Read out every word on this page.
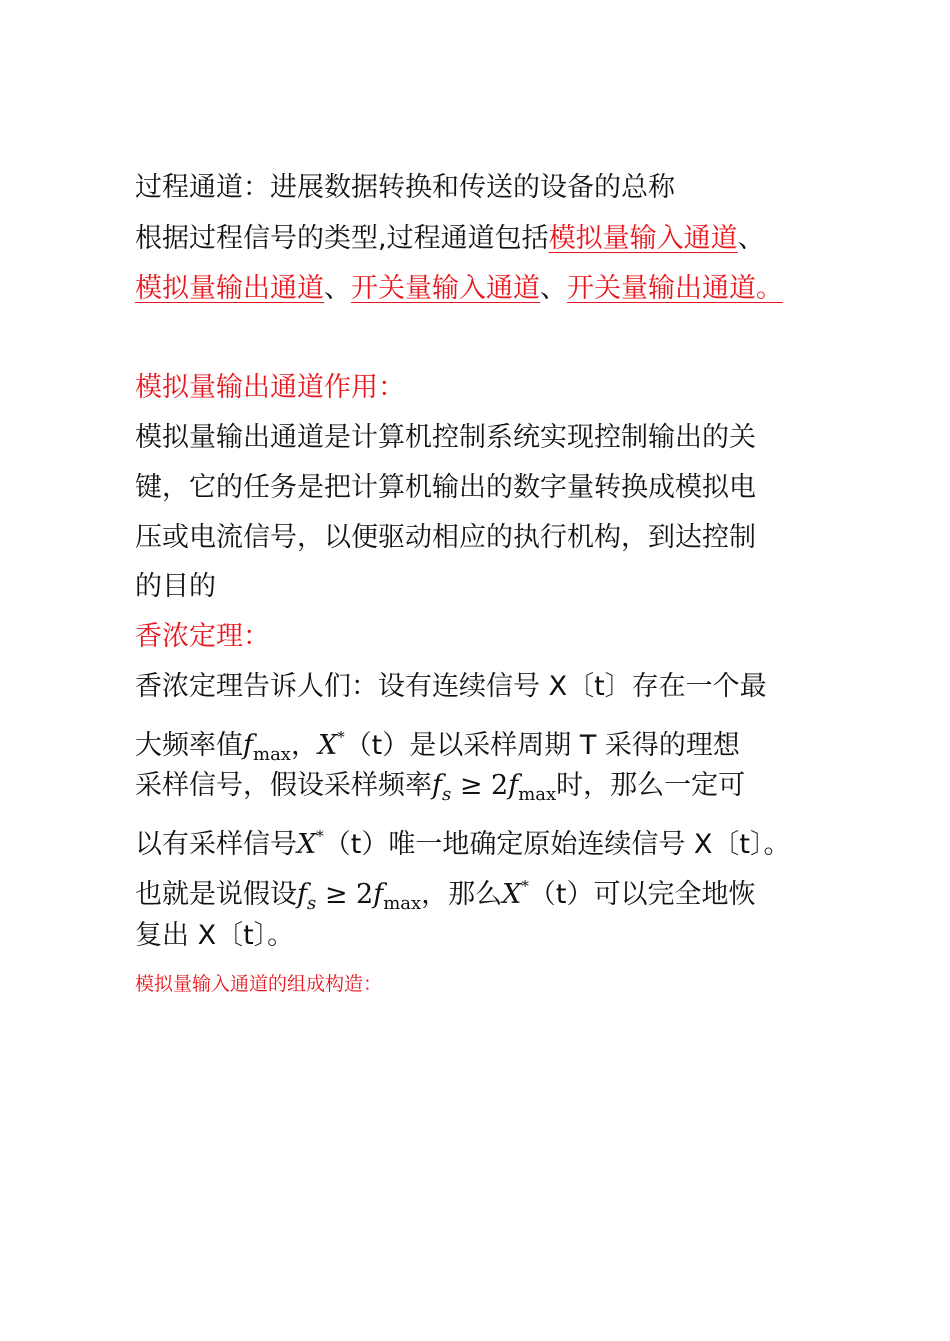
过程通道：进展数据转换和传送的设备的总称
根据过程信号的类型,过程通道包括模拟量输入通道、
模拟量输出通道、开关量输入通道、开关量输出通道。
模拟量输出通道作用：
模拟量输出通道是计算机控制系统实现控制输出的关
键，它的任务是把计算机输出的数字量转换成模拟电
压或电流信号，以便驱动相应的执行机构，到达控制
的目的
香浓定理：
香浓定理告诉人们：设有连续信号 X〔t〕存在一个最
大频率值$f_{max}$，X*（t）是以采样周期 T 采得的理想
采样信号，假设采样频率$f_s \ge 2f_{max}$时，那么一定可
以有采样信号X*（t）唯一地确定原始连续信号 X〔t〕。
也就是说假设$f_s \ge 2f_{max}$，那么X*（t）可以完全地恢
复出 X〔t〕。
模拟量输入通道的组成构造：
